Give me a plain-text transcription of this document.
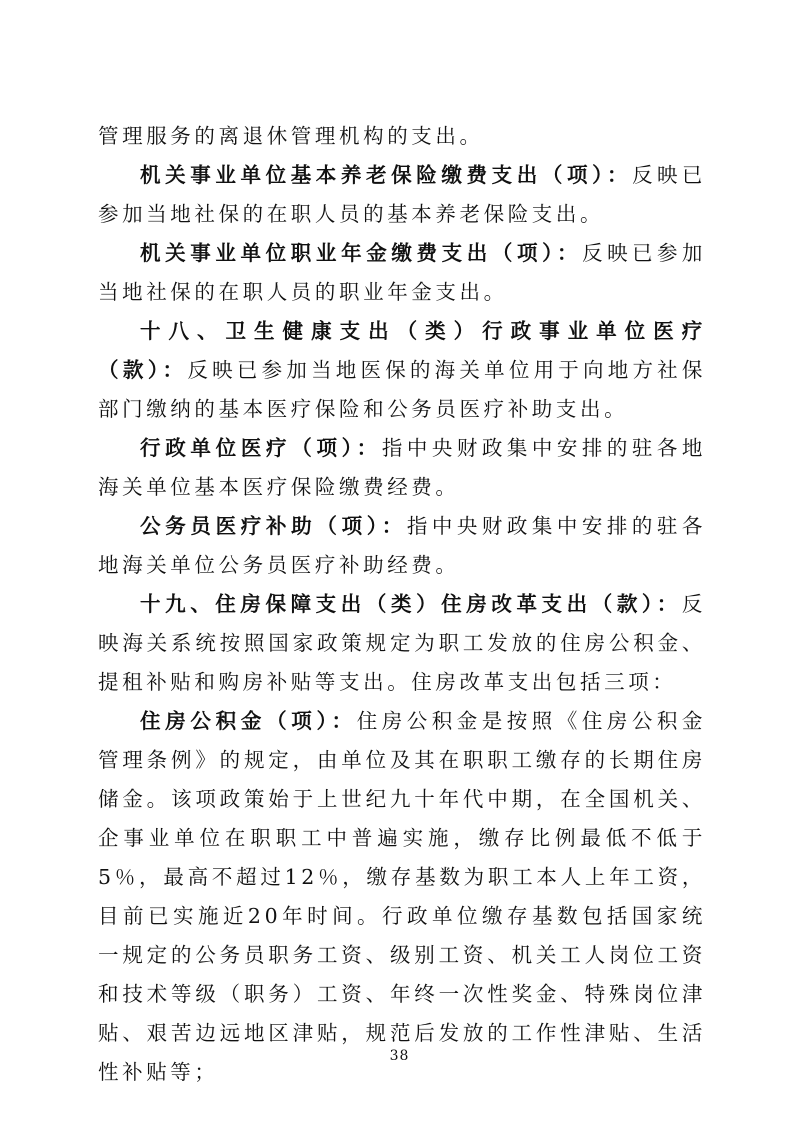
管理服务的离退休管理机构的支出。

机关事业单位基本养老保险缴费支出（项）：反映已参加当地社保的在职人员的基本养老保险支出。

机关事业单位职业年金缴费支出（项）：反映已参加当地社保的在职人员的职业年金支出。

十八、卫生健康支出（类）行政事业单位医疗（款）：反映已参加当地医保的海关单位用于向地方社保部门缴纳的基本医疗保险和公务员医疗补助支出。

行政单位医疗（项）：指中央财政集中安排的驻各地海关单位基本医疗保险缴费经费。

公务员医疗补助（项）：指中央财政集中安排的驻各地海关单位公务员医疗补助经费。

十九、住房保障支出（类）住房改革支出（款）：反映海关系统按照国家政策规定为职工发放的住房公积金、提租补贴和购房补贴等支出。住房改革支出包括三项：

住房公积金（项）：住房公积金是按照《住房公积金管理条例》的规定，由单位及其在职职工缴存的长期住房储金。该项政策始于上世纪九十年代中期，在全国机关、企事业单位在职职工中普遍实施，缴存比例最低不低于5％，最高不超过12％，缴存基数为职工本人上年工资，目前已实施近20年时间。行政单位缴存基数包括国家统一规定的公务员职务工资、级别工资、机关工人岗位工资和技术等级（职务）工资、年终一次性奖金、特殊岗位津贴、艰苦边远地区津贴，规范后发放的工作性津贴、生活性补贴等；

38
